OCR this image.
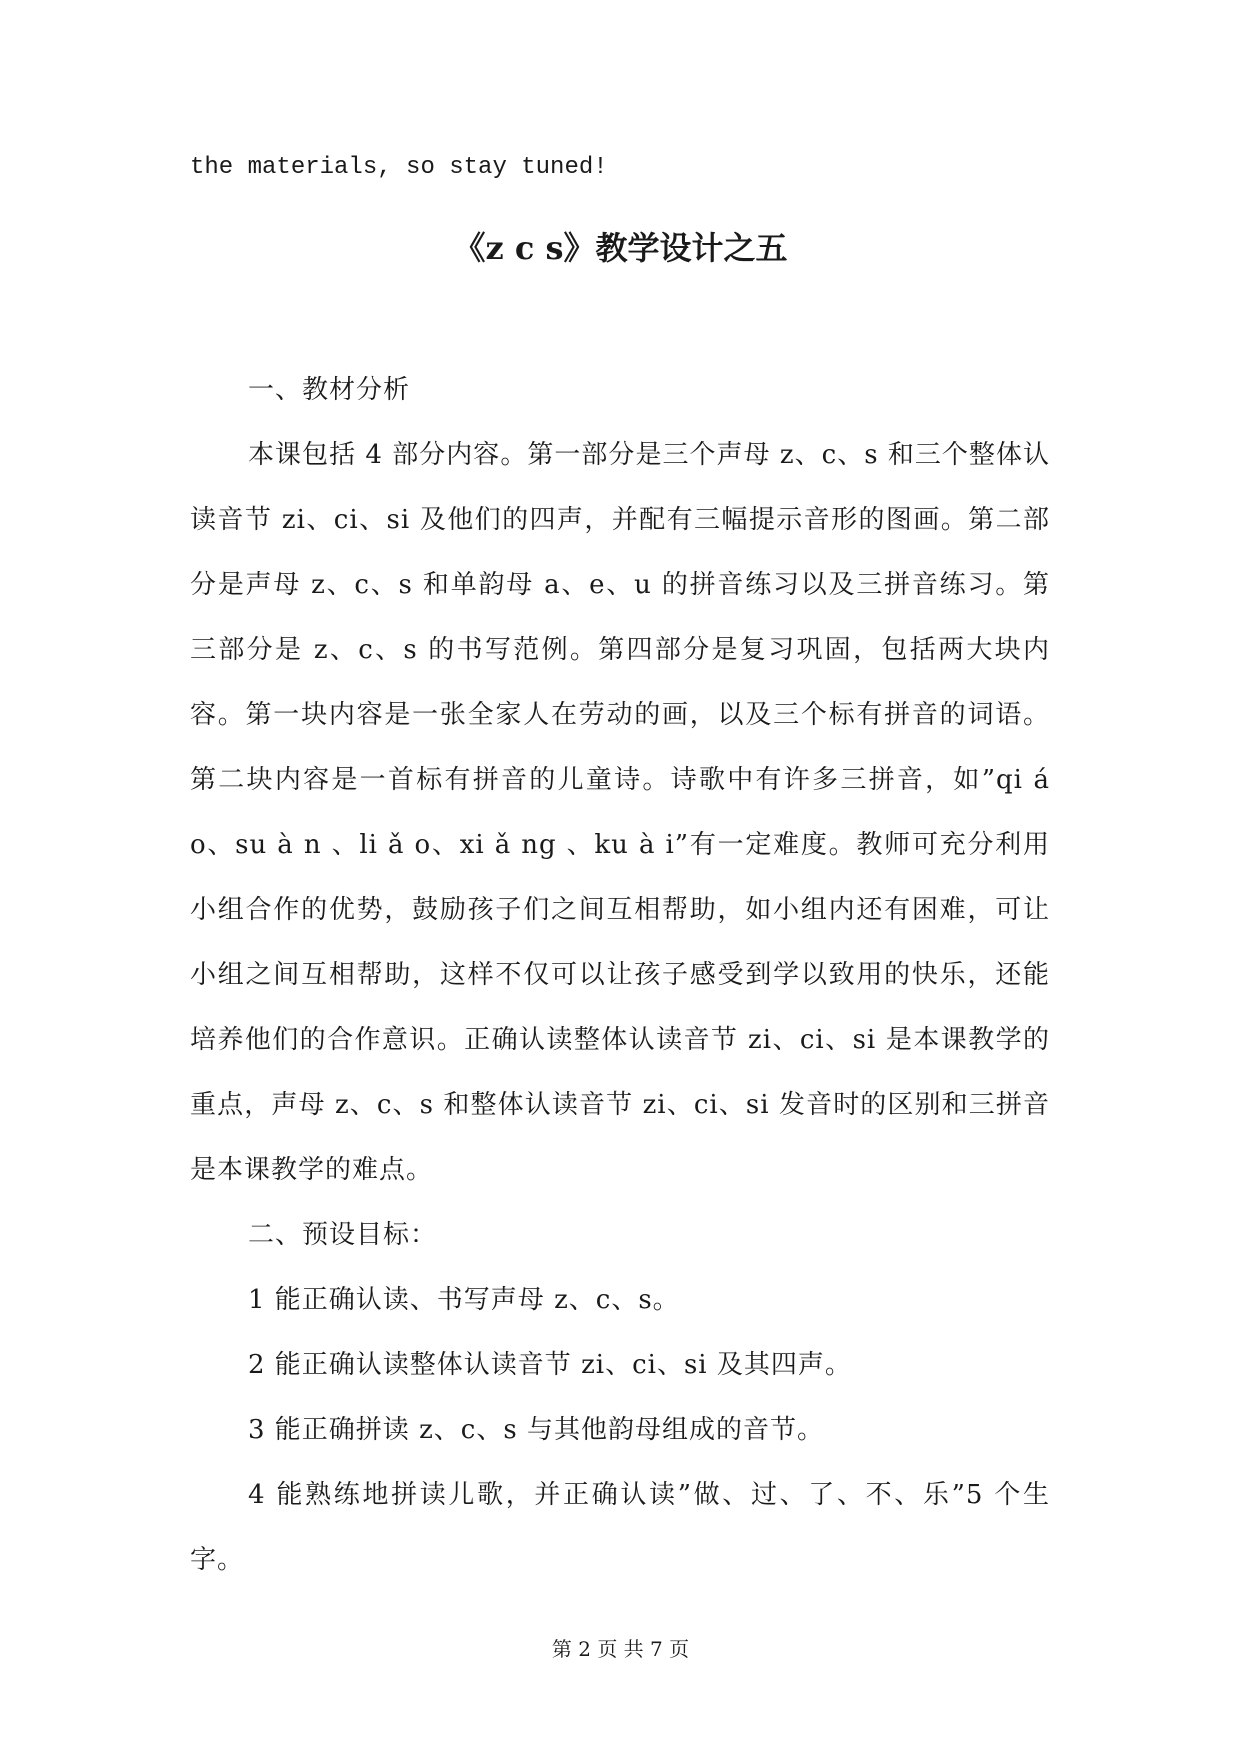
the materials, so stay tuned!
《z c s》教学设计之五

一、教材分析

本课包括 4 部分内容。第一部分是三个声母 z、c、s 和三个整体认读音节 zi、ci、si 及他们的四声，并配有三幅提示音形的图画。第二部分是声母 z、c、s 和单韵母 a、e、u 的拼音练习以及三拼音练习。第三部分是 z、c、s 的书写范例。第四部分是复习巩固，包括两大块内容。第一块内容是一张全家人在劳动的画，以及三个标有拼音的词语。第二块内容是一首标有拼音的儿童诗。诗歌中有许多三拼音，如”qi á o、su à n 、li ǎ o、xi ǎ ng 、ku à i”有一定难度。教师可充分利用小组合作的优势，鼓励孩子们之间互相帮助，如小组内还有困难，可让小组之间互相帮助，这样不仅可以让孩子感受到学以致用的快乐，还能培养他们的合作意识。正确认读整体认读音节 zi、ci、si 是本课教学的重点，声母 z、c、s 和整体认读音节 zi、ci、si 发音时的区别和三拼音是本课教学的难点。

二、预设目标：

1 能正确认读、书写声母 z、c、s。

2 能正确认读整体认读音节 zi、ci、si 及其四声。

3 能正确拼读 z、c、s 与其他韵母组成的音节。

4 能熟练地拼读儿歌，并正确认读”做、过、了、不、乐”5 个生字。

第 2 页 共 7 页
